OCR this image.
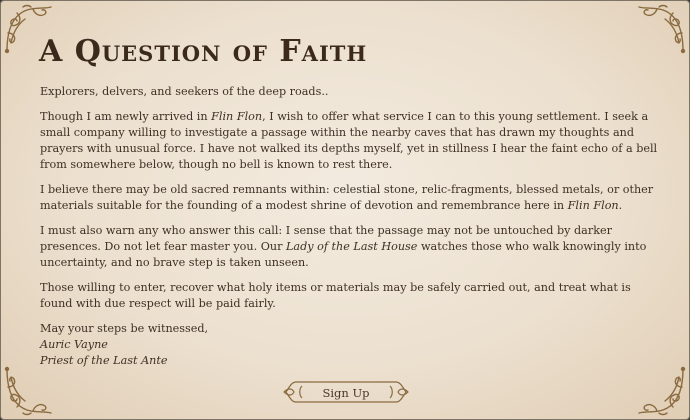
A Question of Faith

Explorers, delvers, and seekers of the deep roads..

Though I am newly arrived in Flin Flon, I wish to offer what service I can to this young settlement. I seek a small company willing to investigate a passage within the nearby caves that has drawn my thoughts and prayers with unusual force. I have not walked its depths myself, yet in stillness I hear the faint echo of a bell from somewhere below, though no bell is known to rest there.

I believe there may be old sacred remnants within: celestial stone, relic-fragments, blessed metals, or other materials suitable for the founding of a modest shrine of devotion and remembrance here in Flin Flon.

I must also warn any who answer this call: I sense that the passage may not be untouched by darker presences. Do not let fear master you. Our Lady of the Last House watches those who walk knowingly into uncertainty, and no brave step is taken unseen.

Those willing to enter, recover what holy items or materials may be safely carried out, and treat what is found with due respect will be paid fairly.

May your steps be witnessed,

Auric Vayne

Priest of the Last Ante

Sign Up
